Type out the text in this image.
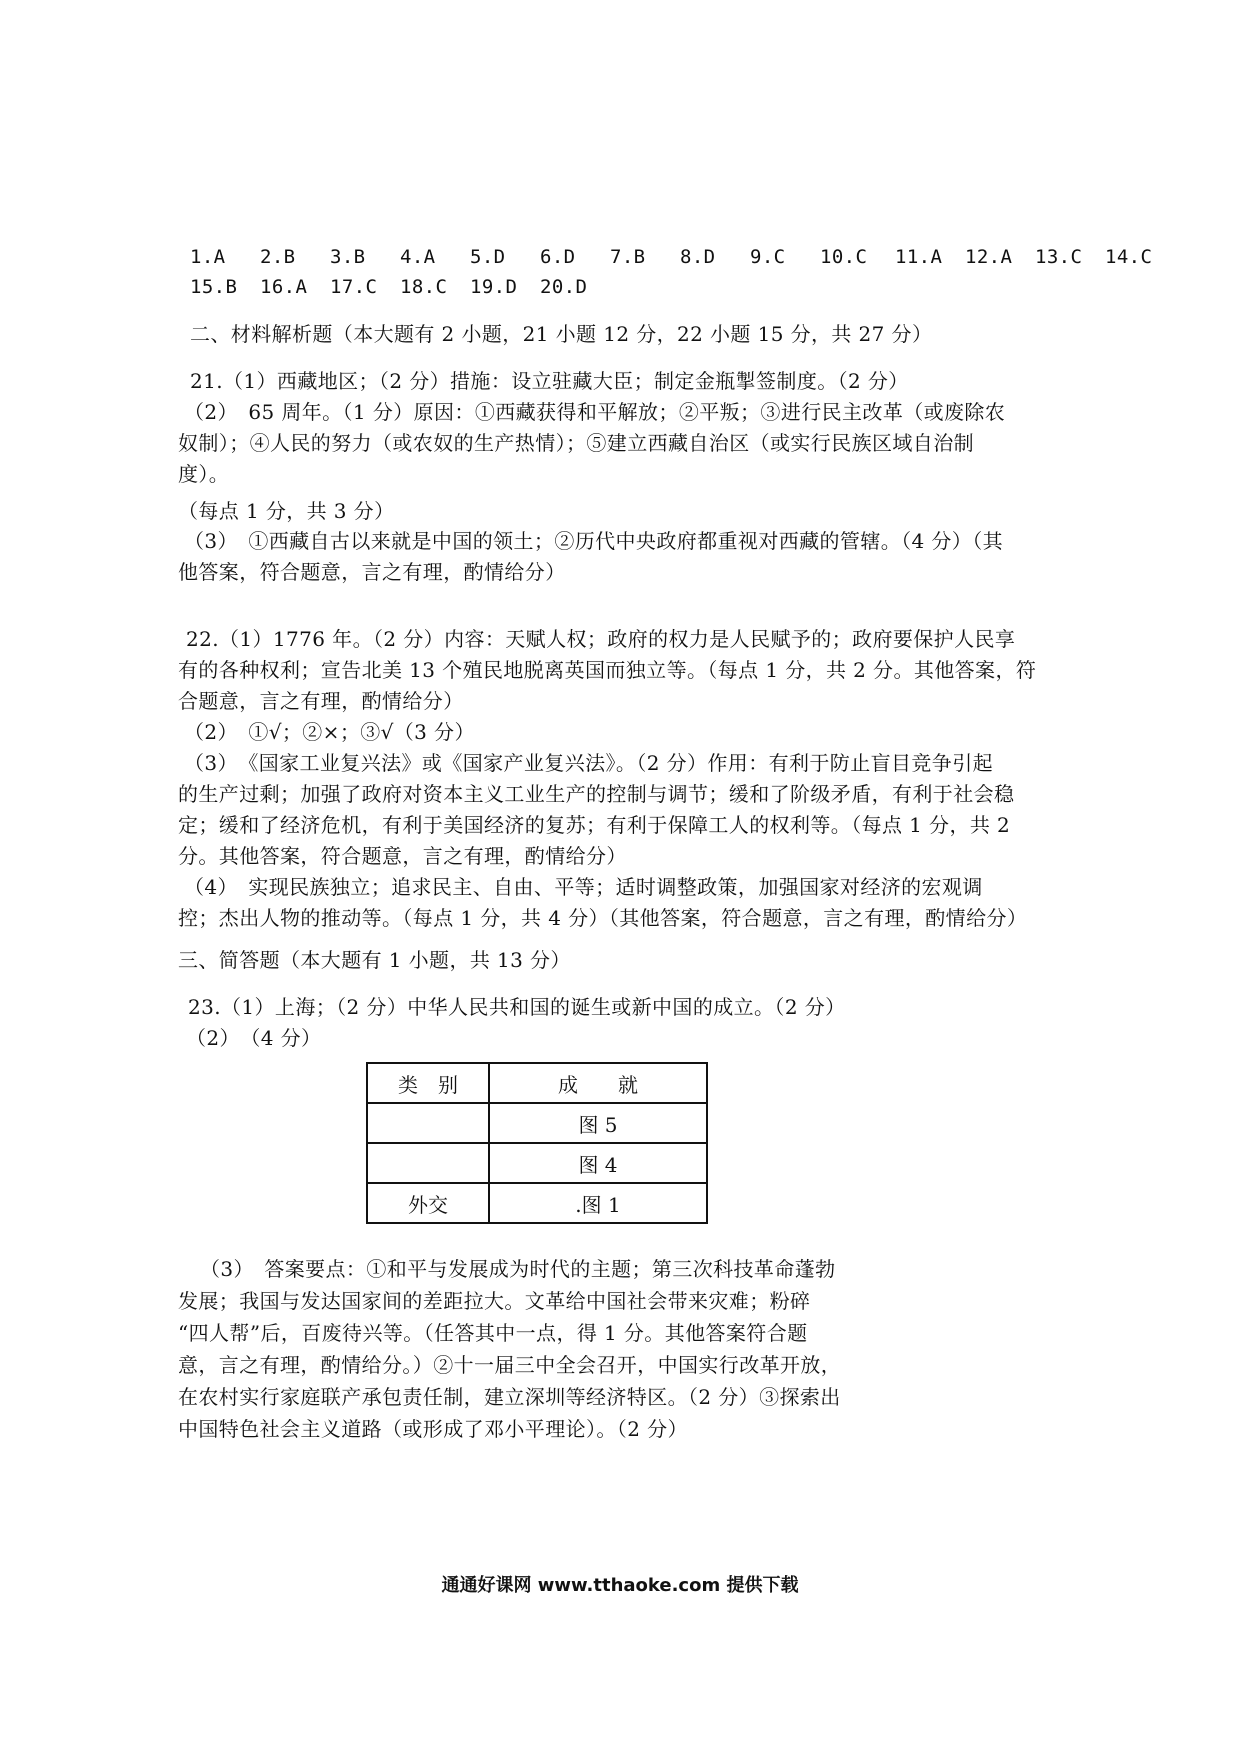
1.A 2.B 3.B 4.A 5.D 6.D 7.B 8.D 9.C 10.C 11.A 12.A 13.C 14.C
15.B 16.A 17.C 18.C 19.D 20.D
二、材料解析题（本大题有 2 小题，21 小题 12 分，22 小题 15 分，共 27 分）
21.（1）西藏地区；（2 分）措施：设立驻藏大臣；制定金瓶掣签制度。（2 分）
（2）　65 周年。（1 分）原因：①西藏获得和平解放；②平叛；③进行民主改革（或废除农
奴制）；④人民的努力（或农奴的生产热情）；⑤建立西藏自治区（或实行民族区域自治制
度）。
（每点 1 分，共 3 分）
（3）　①西藏自古以来就是中国的领土；②历代中央政府都重视对西藏的管辖。（4 分）（其
他答案，符合题意，言之有理，酌情给分）
22.（1）1776 年。（2 分）内容：天赋人权；政府的权力是人民赋予的；政府要保护人民享
有的各种权利；宣告北美 13 个殖民地脱离英国而独立等。（每点 1 分，共 2 分。其他答案，符
合题意，言之有理，酌情给分）
（2）　①√；②×；③√（3 分）
（3）　《国家工业复兴法》或《国家产业复兴法》。（2 分）作用：有利于防止盲目竞争引起
的生产过剩；加强了政府对资本主义工业生产的控制与调节；缓和了阶级矛盾，有利于社会稳
定；缓和了经济危机，有利于美国经济的复苏；有利于保障工人的权利等。（每点 1 分，共 2
分。其他答案，符合题意，言之有理，酌情给分）
（4）　实现民族独立；追求民主、自由、平等；适时调整政策，加强国家对经济的宏观调
控；杰出人物的推动等。（每点 1 分，共 4 分）（其他答案，符合题意，言之有理，酌情给分）
三、简答题（本大题有 1 小题，共 13 分）
23.（1）上海；（2 分）中华人民共和国的诞生或新中国的成立。（2 分）
（2）　（4 分）
类　别	成　　就
	图 5
	图 4
外交	.图 1
（3）　答案要点：①和平与发展成为时代的主题；第三次科技革命蓬勃
发展；我国与发达国家间的差距拉大。文革给中国社会带来灾难；粉碎
“四人帮”后，百废待兴等。（任答其中一点，得 1 分。其他答案符合题
意，言之有理，酌情给分。）②十一届三中全会召开，中国实行改革开放，
在农村实行家庭联产承包责任制，建立深圳等经济特区。（2 分）③探索出
中国特色社会主义道路（或形成了邓小平理论）。（2 分）
通通好课网 www.tthaoke.com 提供下载
